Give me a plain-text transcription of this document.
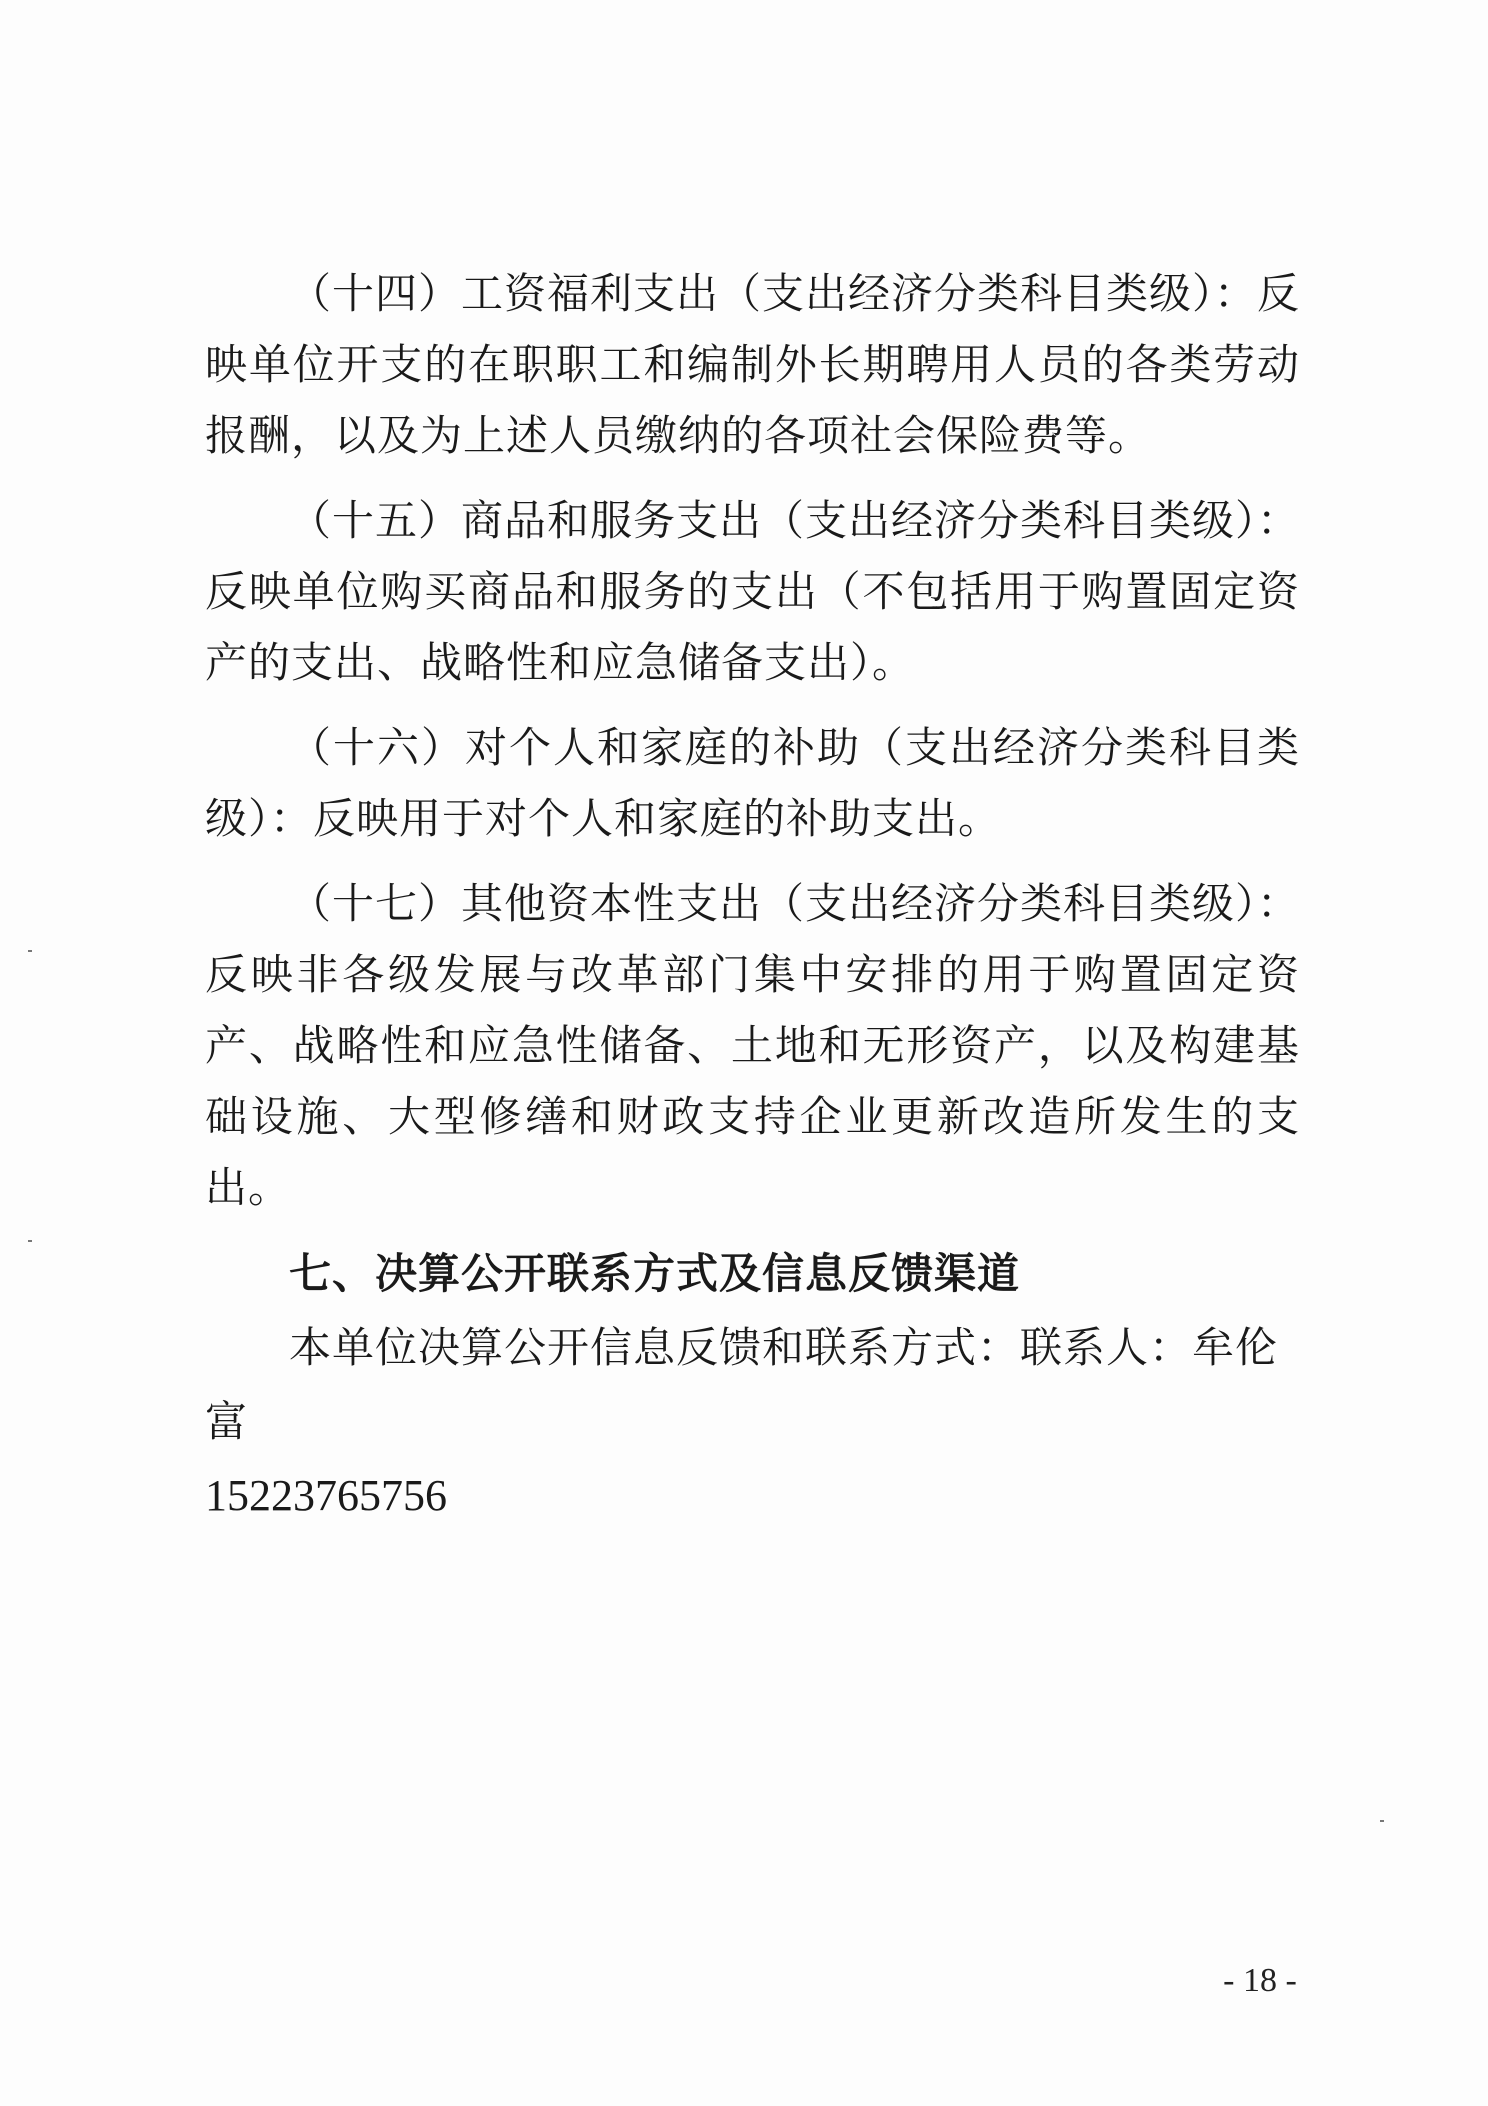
（十四）工资福利支出（支出经济分类科目类级）：反映单位开支的在职职工和编制外长期聘用人员的各类劳动报酬，以及为上述人员缴纳的各项社会保险费等。

（十五）商品和服务支出（支出经济分类科目类级）：反映单位购买商品和服务的支出（不包括用于购置固定资产的支出、战略性和应急储备支出）。

（十六）对个人和家庭的补助（支出经济分类科目类级）：反映用于对个人和家庭的补助支出。

（十七）其他资本性支出（支出经济分类科目类级）：反映非各级发展与改革部门集中安排的用于购置固定资产、战略性和应急性储备、土地和无形资产，以及构建基础设施、大型修缮和财政支持企业更新改造所发生的支出。

七、决算公开联系方式及信息反馈渠道

本单位决算公开信息反馈和联系方式：联系人：牟伦富
15223765756

- 18 -
